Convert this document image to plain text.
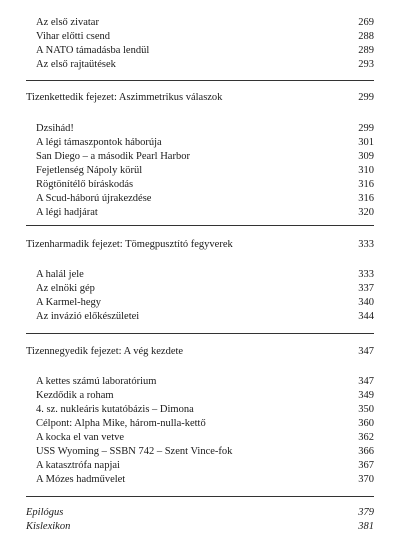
Az első zivatar	269
Vihar előtti csend	288
A NATO támadásba lendül	289
Az első rajtaütések	293
Tizenkettedik fejezet: Aszimmetrikus válaszok	299
Dzsihád!	299
A légi támaszpontok háborúja	301
San Diego – a második Pearl Harbor	309
Fejetlenség Nápoly körül	310
Rögtönítélő bíráskodás	316
A Scud-háború újrakezdése	316
A légi hadjárat	320
Tizenharmadik fejezet: Tömegpusztító fegyverek	333
A halál jele	333
Az elnöki gép	337
A Karmel-hegy	340
Az invázió előkészületei	344
Tizennegyedik fejezet: A vég kezdete	347
A kettes számú laboratórium	347
Kezdődik a roham	349
4. sz. nukleáris kutatóbázis – Dimona	350
Célpont: Alpha Mike, három-nulla-kettő	360
A kocka el van vetve	362
USS Wyoming – SSBN 742 – Szent Vince-fok	366
A katasztrófa napjai	367
A Mózes hadművelet	370
Epilógus	379
Kislexikon	381
